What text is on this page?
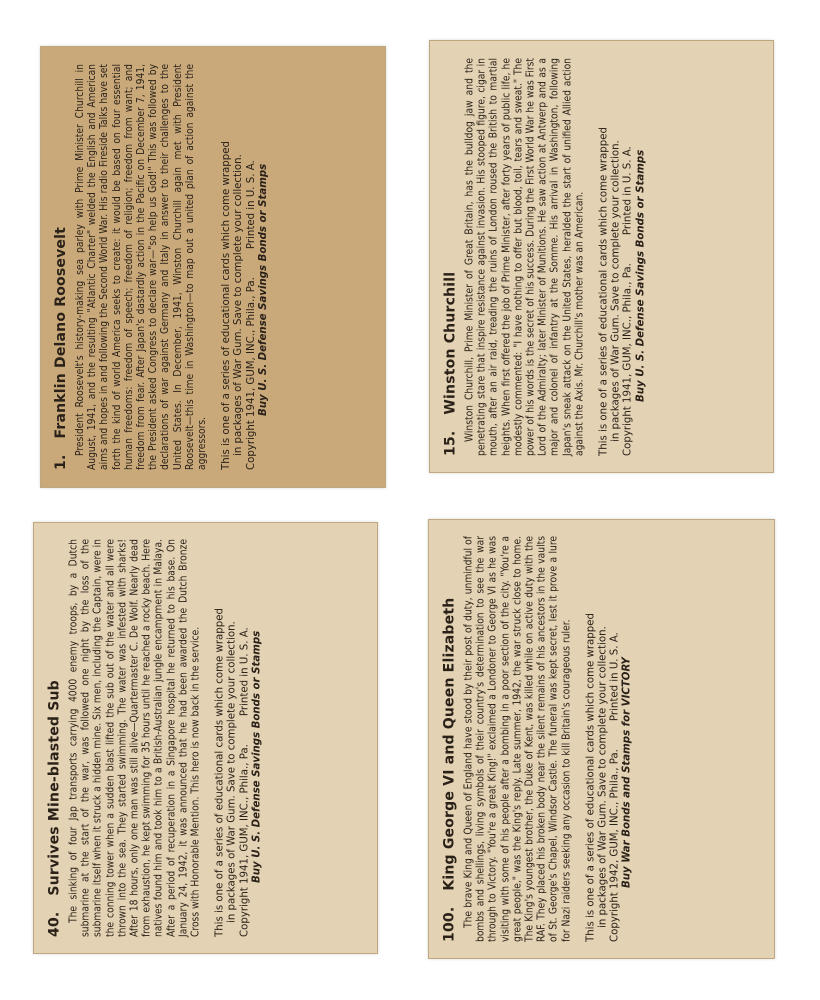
1.Franklin Delano Roosevelt President Roosevelt's history-making sea parley with Prime Minister Churchill in August, 1941, and the resulting "Atlantic Charter" welded the English and American aims and hopes in and following the Second World War. His radio Fireside Talks have set forth the kind of world America seeks to create: it would be based on four essential human freedoms: freedom of speech; freedom of religion; freedom from want; and freedom from fear. After Japan's dastardly action in the Pacific on December 7, 1941, the President asked Congress to declare war—"so help us God!" This was followed by declarations of war against Germany and Italy in answer to their challenges to the United States. In December, 1941, Winston Churchill again met with President Roosevelt—this time in Washington—to map out a united plan of action against the aggressors. This is one of a series of educational cards which come wrapped in packages of War Gum. Save to complete your collection. Copyright 1941, GUM, INC., Phila., Pa.Printed in U. S. A. Buy U. S. Defense Savings Bonds or Stamps
15.Winston Churchill Winston Churchill, Prime Minister of Great Britain, has the bulldog jaw and the penetrating stare that inspire resistance against invasion. His stooped figure, cigar in mouth, after an air raid, treading the ruins of London roused the British to martial heights. When first offered the job of Prime Minister, after forty years of public life, he modestly commented: "I have nothing to offer but blood, toil, tears and sweat." The power of his words is the secret of his success. During the First World War he was First Lord of the Admiralty; later Minister of Munitions. He saw action at Antwerp and as a major and colonel of infantry at the Somme. His arrival in Washington, following Japan's sneak attack on the United States, heralded the start of unified Allied action against the Axis. Mr. Churchill's mother was an American. This is one of a series of educational cards which come wrapped in packages of War Gum. Save to complete your collection. Copyright 1941, GUM, INC., Phila., Pa.Printed in U. S. A. Buy U. S. Defense Savings Bonds or Stamps
40.Survives Mine-blasted Sub The sinking of four Jap transports carrying 4000 enemy troops, by a Dutch submarine at the start of the war, was followed one night by the loss of the submarine itself when it struck a hidden mine. Six men, including the Captain, were in the conning tower when a sudden blast lifted the sub out of the water and all were thrown into the sea. They started swimming. The water was infested with sharks! After 18 hours, only one man was still alive—Quartermaster C. De Wolf. Nearly dead from exhaustion, he kept swimming for 35 hours until he reached a rocky beach. Here natives found him and took him to a British-Australian jungle encampment in Malaya. After a period of recuperation in a Singapore hospital he returned to his base. On January 24, 1942, it was announced that he had been awarded the Dutch Bronze Cross with Honorable Mention. This hero is now back in the service. This is one of a series of educational cards which come wrapped in packages of War Gum. Save to complete your collection. Copyright 1941, GUM, INC., Phila., Pa.Printed in U. S. A. Buy U. S. Defense Savings Bonds or Stamps
100.King George VI and Queen Elizabeth The brave King and Queen of England have stood by their post of duty, unmindful of bombs and shellings, living symbols of their country's determination to see the war through to Victory. "You're a great King!" exclaimed a Londoner to George VI as he was visiting with some of his people after a bombing in a poor section of the city. "You're a great people," was the King's reply. Late summer, 1942, the war struck close to home. The King's youngest brother, the Duke of Kent, was killed while on active duty with the RAF. They placed his broken body near the silent remains of his ancestors in the vaults of St. George's Chapel, Windsor Castle. The funeral was kept secret, lest it prove a lure for Nazi raiders seeking any occasion to kill Britain's courageous ruler. This is one of a series of educational cards which come wrapped in packages of War Gum. Save to complete your collection. Copyright 1942, GUM, INC., Phila., Pa.Printed in U. S. A. Buy War Bonds and Stamps for VICTORY
